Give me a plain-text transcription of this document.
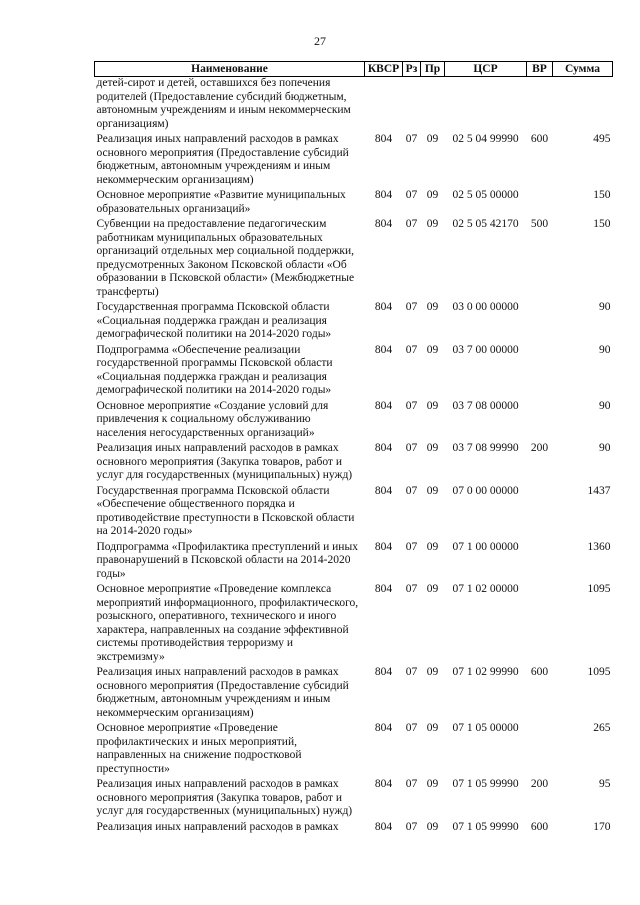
27
Наименование	КВСР	Рз	Пр	ЦСР	ВР	Сумма
детей-сирот и детей, оставшихся без попечения родителей (Предоставление субсидий бюджетным, автономным учреждениям и иным некоммерческим организациям)						
Реализация иных направлений расходов в рамках основного мероприятия (Предоставление субсидий бюджетным, автономным учреждениям и иным некоммерческим организациям)	804	07	09	02 5 04 99990	600	495
Основное мероприятие «Развитие муниципальных образовательных организаций»	804	07	09	02 5 05 00000		150
Субвенции на предоставление педагогическим работникам муниципальных образовательных организаций отдельных мер социальной поддержки, предусмотренных Законом Псковской области «Об образовании в Псковской области» (Межбюджетные трансферты)	804	07	09	02 5 05 42170	500	150
Государственная программа Псковской области «Социальная поддержка граждан и реализация демографической политики на 2014-2020 годы»	804	07	09	03 0 00 00000		90
Подпрограмма «Обеспечение реализации государственной программы Псковской области «Социальная поддержка граждан и реализация демографической политики на 2014-2020 годы»	804	07	09	03 7 00 00000		90
Основное мероприятие «Создание условий для привлечения к социальному обслуживанию населения негосударственных организаций»	804	07	09	03 7 08 00000		90
Реализация иных направлений расходов в рамках основного мероприятия (Закупка товаров, работ и услуг для государственных (муниципальных) нужд)	804	07	09	03 7 08 99990	200	90
Государственная программа Псковской области «Обеспечение общественного порядка и противодействие преступности в Псковской области на 2014-2020 годы»	804	07	09	07 0 00 00000		1437
Подпрограмма «Профилактика преступлений и иных правонарушений в Псковской области на 2014-2020 годы»	804	07	09	07 1 00 00000		1360
Основное мероприятие «Проведение комплекса мероприятий информационного, профилактического, розыскного, оперативного, технического и иного характера, направленных на создание эффективной системы противодействия терроризму и экстремизму»	804	07	09	07 1 02 00000		1095
Реализация иных направлений расходов в рамках основного мероприятия (Предоставление субсидий бюджетным, автономным учреждениям и иным некоммерческим организациям)	804	07	09	07 1 02 99990	600	1095
Основное мероприятие «Проведение профилактических и иных мероприятий, направленных на снижение подростковой преступности»	804	07	09	07 1 05 00000		265
Реализация иных направлений расходов в рамках основного мероприятия (Закупка товаров, работ и услуг для государственных (муниципальных) нужд)	804	07	09	07 1 05 99990	200	95
Реализация иных направлений расходов в рамках	804	07	09	07 1 05 99990	600	170
